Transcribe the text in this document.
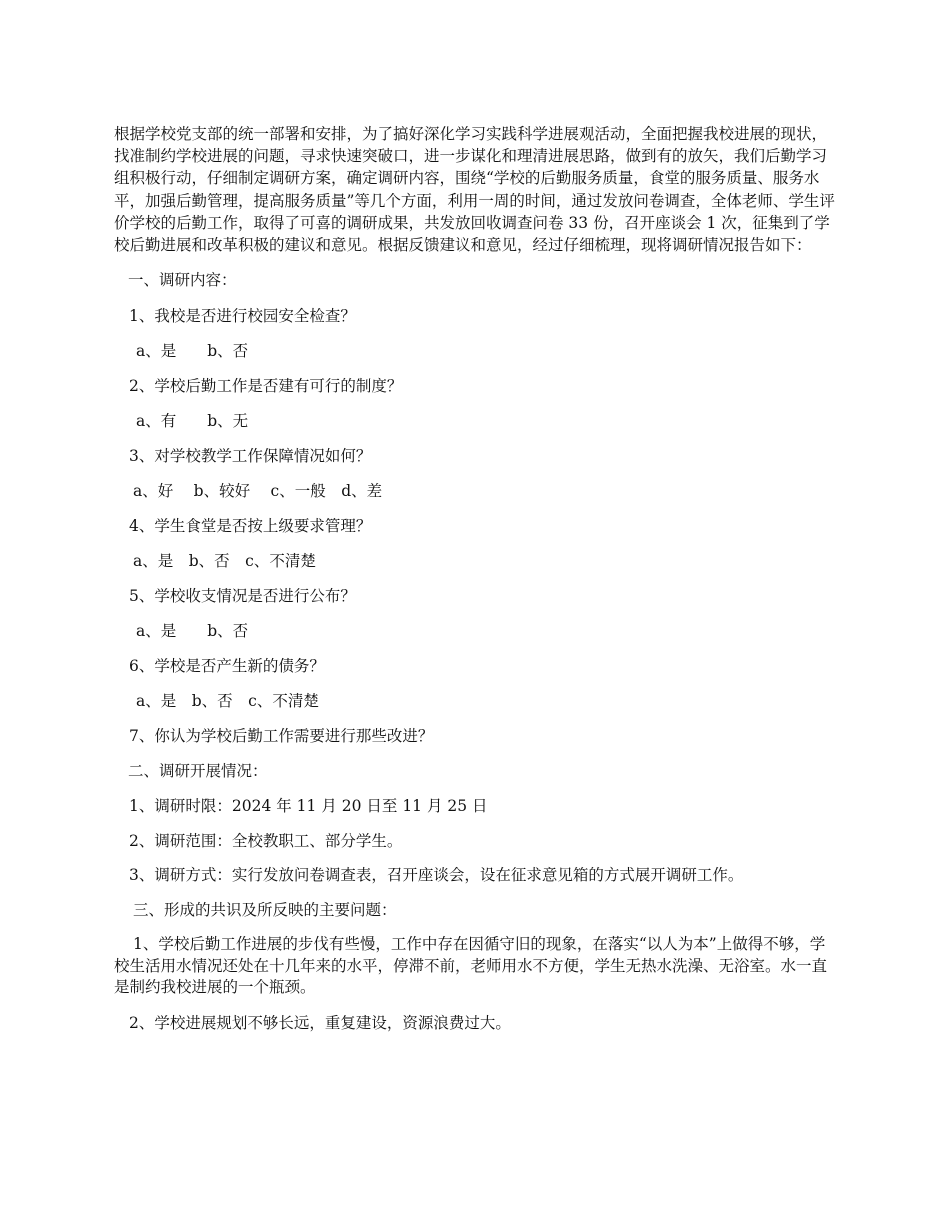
根据学校党支部的统一部署和安排，为了搞好深化学习实践科学进展观活动，全面把握我校进展的现状，找准制约学校进展的问题，寻求快速突破口，进一步谋化和理清进展思路，做到有的放矢，我们后勤学习组积极行动，仔细制定调研方案，确定调研内容，围绕“学校的后勤服务质量，食堂的服务质量、服务水平，加强后勤管理，提高服务质量”等几个方面，利用一周的时间，通过发放问卷调查，全体老师、学生评价学校的后勤工作，取得了可喜的调研成果，共发放回收调查问卷 33 份，召开座谈会 1 次，征集到了学校后勤进展和改革积极的建议和意见。根据反馈建议和意见，经过仔细梳理，现将调研情况报告如下：

一、调研内容：

1、我校是否进行校园安全检查？

a、是　　b、否

2、学校后勤工作是否建有可行的制度？

a、有　　b、无

3、对学校教学工作保障情况如何？

a、好　 b、较好　 c、一般　d、差

4、学生食堂是否按上级要求管理？

a、是　b、否　c、不清楚

5、学校收支情况是否进行公布？

a、是　　b、否

6、学校是否产生新的债务？

a、是　b、否　c、不清楚

7、你认为学校后勤工作需要进行那些改进？

二、调研开展情况：

1、调研时限：2024 年 11 月 20 日至 11 月 25 日

2、调研范围：全校教职工、部分学生。

3、调研方式：实行发放问卷调查表，召开座谈会，设在征求意见箱的方式展开调研工作。

三、形成的共识及所反映的主要问题：

1、学校后勤工作进展的步伐有些慢，工作中存在因循守旧的现象，在落实“以人为本”上做得不够，学校生活用水情况还处在十几年来的水平，停滞不前，老师用水不方便，学生无热水洗澡、无浴室。水一直是制约我校进展的一个瓶颈。

2、学校进展规划不够长远，重复建设，资源浪费过大。
